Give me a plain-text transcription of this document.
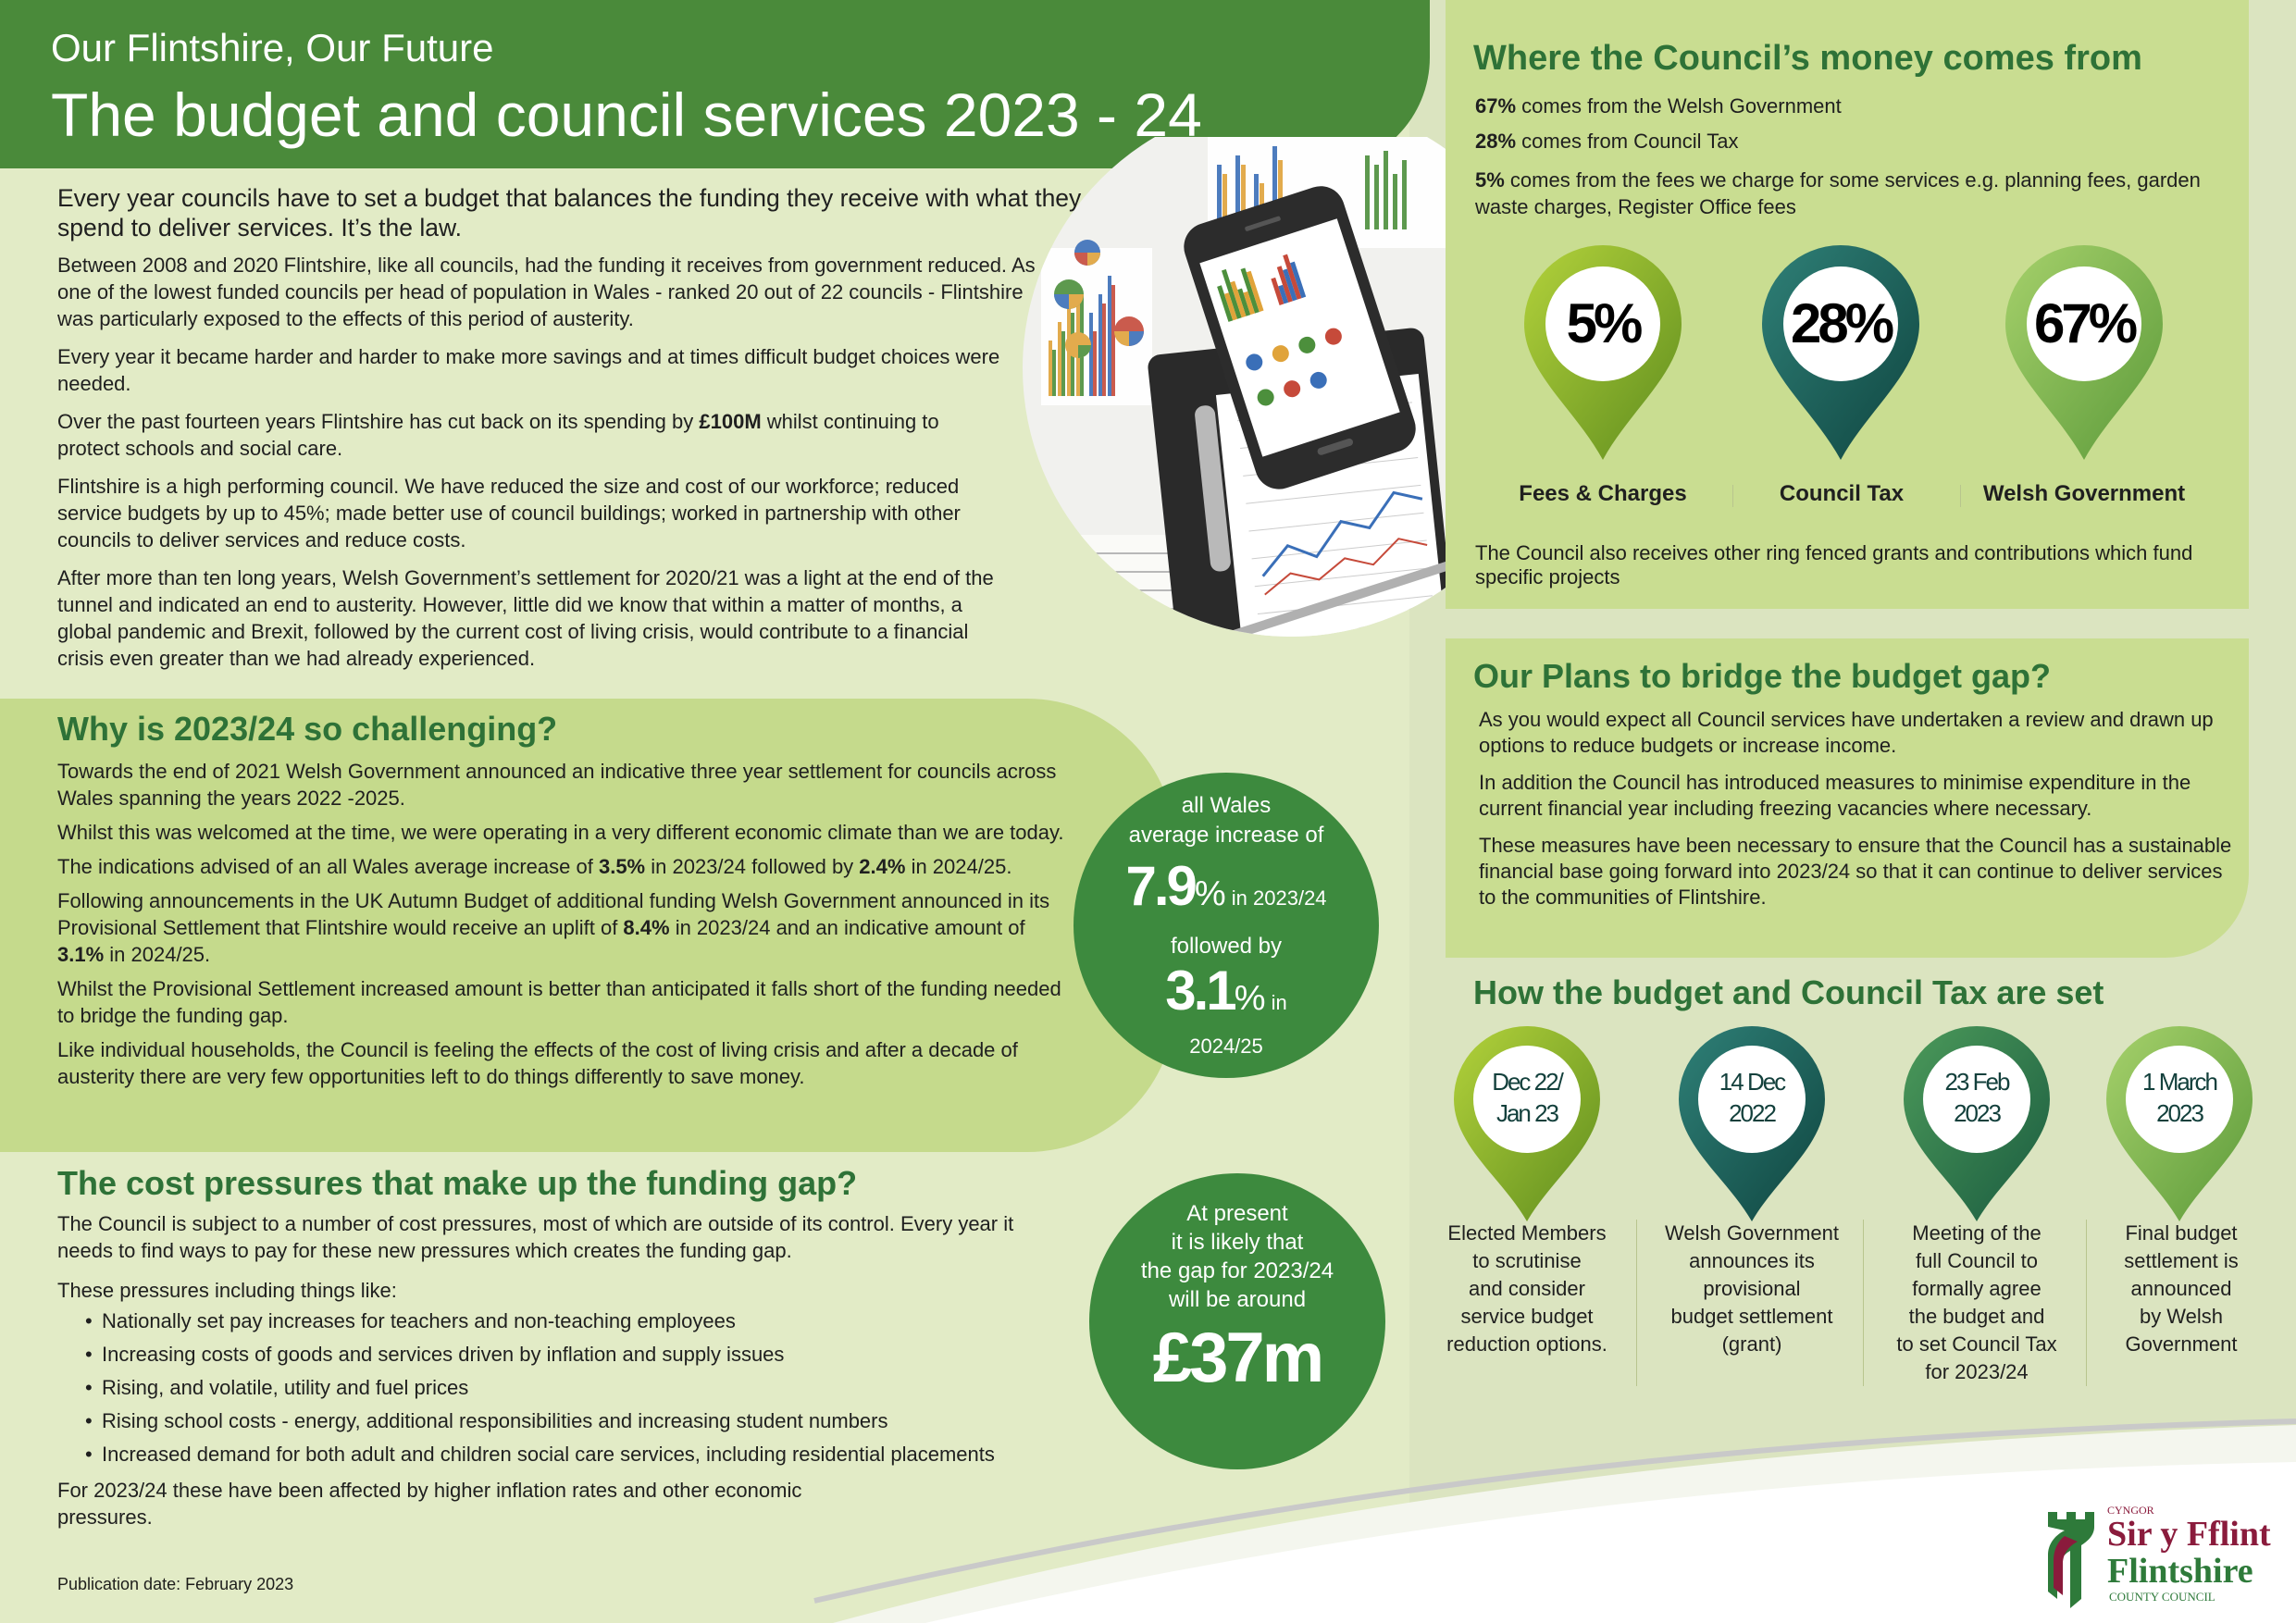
Our Flintshire, Our Future
The budget and council services 2023 - 24

Every year councils have to set a budget that balances the funding they receive with what they spend to deliver services. It’s the law.

Between 2008 and 2020 Flintshire, like all councils, had the funding it receives from government reduced. As one of the lowest funded councils per head of population in Wales - ranked 20 out of 22 councils - Flintshire was particularly exposed to the effects of this period of austerity.

Every year it became harder and harder to make more savings and at times difficult budget choices were needed.

Over the past fourteen years Flintshire has cut back on its spending by £100M whilst continuing to protect schools and social care.

Flintshire is a high performing council. We have reduced the size and cost of our workforce; reduced service budgets by up to 45%; made better use of council buildings; worked in partnership with other councils to deliver services and reduce costs.

After more than ten long years, Welsh Government’s settlement for 2020/21 was a light at the end of the tunnel and indicated an end to austerity. However, little did we know that within a matter of months, a global pandemic and Brexit, followed by the current cost of living crisis, would contribute to a financial crisis even greater than we had already experienced.

Why is 2023/24 so challenging?

Towards the end of 2021 Welsh Government announced an indicative three year settlement for councils across Wales spanning the years 2022 -2025.

Whilst this was welcomed at the time, we were operating in a very different economic climate than we are today.

The indications advised of an all Wales average increase of 3.5% in 2023/24 followed by 2.4% in 2024/25.

Following announcements in the UK Autumn Budget of additional funding Welsh Government announced in its Provisional Settlement that Flintshire would receive an uplift of 8.4% in 2023/24 and an indicative amount of 3.1% in 2024/25.

Whilst the Provisional Settlement increased amount is better than anticipated it falls short of the funding needed to bridge the funding gap.

Like individual households, the Council is feeling the effects of the cost of living crisis and after a decade of austerity there are very few opportunities left to do things differently to save money.

all Wales
average increase of
7.9% in 2023/24
followed by
3.1% in
2024/25
The cost pressures that make up the funding gap?

The Council is subject to a number of cost pressures, most of which are outside of its control. Every year it needs to find ways to pay for these new pressures which creates the funding gap.

These pressures including things like:

• Nationally set pay increases for teachers and non-teaching employees
• Increasing costs of goods and services driven by inflation and supply issues
• Rising, and volatile, utility and fuel prices
• Rising school costs - energy, additional responsibilities and increasing student numbers
• Increased demand for both adult and children social care services, including residential placements

For 2023/24 these have been affected by higher inflation rates and other economic pressures.

Publication date: February 2023
At present
it is likely that
the gap for 2023/24
will be around
£37m
Where the Council’s money comes from
67% comes from the Welsh Government
28% comes from Council Tax
5% comes from the fees we charge for some services e.g. planning fees, garden waste charges, Register Office fees
5%	28%	67%
Fees & Charges	Council Tax	Welsh Government
The Council also receives other ring fenced grants and contributions which fund specific projects
Our Plans to bridge the budget gap?

As you would expect all Council services have undertaken a review and drawn up options to reduce budgets or increase income.

In addition the Council has introduced measures to minimise expenditure in the current financial year including freezing vacancies where necessary.

These measures have been necessary to ensure that the Council has a sustainable financial base going forward into 2023/24 so that it can continue to deliver services to the communities of Flintshire.

How the budget and Council Tax are set
Dec 22/
Jan 23
14 Dec
2022
23 Feb
2023
1 March
2023
Elected Members
to scrutinise
and consider
service budget
reduction options.
Welsh Government
announces its
provisional
budget settlement
(grant)
Meeting of the
full Council to
formally agree
the budget and
to set Council Tax
for 2023/24
Final budget
settlement is
announced
by Welsh
Government
CYNGOR
Sir y Fflint
Flintshire
COUNTY COUNCIL
